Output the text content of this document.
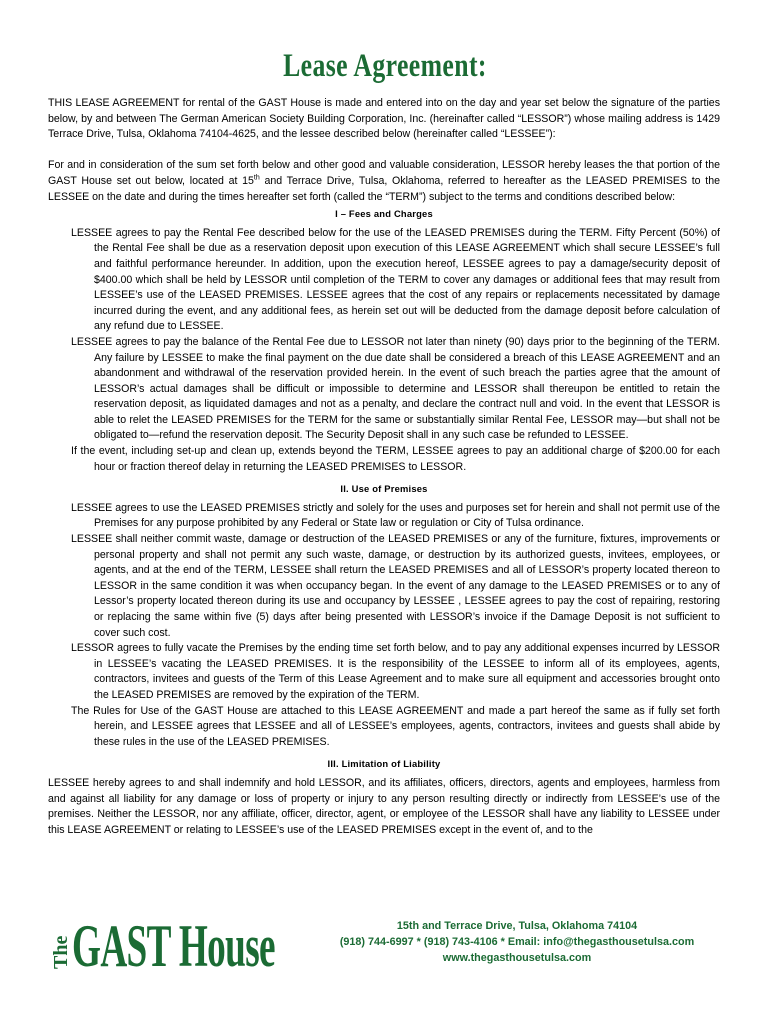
Lease Agreement:

THIS LEASE AGREEMENT for rental of the GAST House is made and entered into on the day and year set below the signature of the parties below, by and between The German American Society Building Corporation, Inc. (hereinafter called “LESSOR”) whose mailing address is 1429 Terrace Drive, Tulsa, Oklahoma 74104-4625, and the lessee described below (hereinafter called “LESSEE”):

For and in consideration of the sum set forth below and other good and valuable consideration, LESSOR hereby leases the that portion of the GAST House set out below, located at 15th and Terrace Drive, Tulsa, Oklahoma, referred to hereafter as the LEASED PREMISES to the LESSEE on the date and during the times hereafter set forth (called the “TERM”) subject to the terms and conditions described below:

I – Fees and Charges

LESSEE agrees to pay the Rental Fee described below for the use of the LEASED PREMISES during the TERM. Fifty Percent (50%) of the Rental Fee shall be due as a reservation deposit upon execution of this LEASE AGREEMENT which shall secure LESSEE’s full and faithful performance hereunder. In addition, upon the execution hereof, LESSEE agrees to pay a damage/security deposit of $400.00 which shall be held by LESSOR until completion of the TERM to cover any damages or additional fees that may result from LESSEE’s use of the LEASED PREMISES. LESSEE agrees that the cost of any repairs or replacements necessitated by damage incurred during the event, and any additional fees, as herein set out will be deducted from the damage deposit before calculation of any refund due to LESSEE.

LESSEE agrees to pay the balance of the Rental Fee due to LESSOR not later than ninety (90) days prior to the beginning of the TERM. Any failure by LESSEE to make the final payment on the due date shall be considered a breach of this LEASE AGREEMENT and an abandonment and withdrawal of the reservation provided herein. In the event of such breach the parties agree that the amount of LESSOR’s actual damages shall be difficult or impossible to determine and LESSOR shall thereupon be entitled to retain the reservation deposit, as liquidated damages and not as a penalty, and declare the contract null and void. In the event that LESSOR is able to relet the LEASED PREMISES for the TERM for the same or substantially similar Rental Fee, LESSOR may—but shall not be obligated to—refund the reservation deposit. The Security Deposit shall in any such case be refunded to LESSEE.

If the event, including set-up and clean up, extends beyond the TERM, LESSEE agrees to pay an additional charge of $200.00 for each hour or fraction thereof delay in returning the LEASED PREMISES to LESSOR.

II. Use of Premises

LESSEE agrees to use the LEASED PREMISES strictly and solely for the uses and purposes set for herein and shall not permit use of the Premises for any purpose prohibited by any Federal or State law or regulation or City of Tulsa ordinance.

LESSEE shall neither commit waste, damage or destruction of the LEASED PREMISES or any of the furniture, fixtures, improvements or personal property and shall not permit any such waste, damage, or destruction by its authorized guests, invitees, employees, or agents, and at the end of the TERM, LESSEE shall return the LEASED PREMISES and all of LESSOR’s property located thereon to LESSOR in the same condition it was when occupancy began. In the event of any damage to the LEASED PREMISES or to any of Lessor’s property located thereon during its use and occupancy by LESSEE , LESSEE agrees to pay the cost of repairing, restoring or replacing the same within five (5) days after being presented with LESSOR’s invoice if the Damage Deposit is not sufficient to cover such cost.

LESSOR agrees to fully vacate the Premises by the ending time set forth below, and to pay any additional expenses incurred by LESSOR in LESSEE’s vacating the LEASED PREMISES. It is the responsibility of the LESSEE to inform all of its employees, agents, contractors, invitees and guests of the Term of this Lease Agreement and to make sure all equipment and accessories brought onto the LEASED PREMISES are removed by the expiration of the TERM.

The Rules for Use of the GAST House are attached to this LEASE AGREEMENT and made a part hereof the same as if fully set forth herein, and LESSEE agrees that LESSEE and all of LESSEE’s employees, agents, contractors, invitees and guests shall abide by these rules in the use of the LEASED PREMISES.

III. Limitation of Liability

LESSEE hereby agrees to and shall indemnify and hold LESSOR, and its affiliates, officers, directors, agents and employees, harmless from and against all liability for any damage or loss of property or injury to any person resulting directly or indirectly from LESSEE’s use of the premises. Neither the LESSOR, nor any affiliate, officer, director, agent, or employee of the LESSOR shall have any liability to LESSEE under this LEASE AGREEMENT or relating to LESSEE’s use of the LEASED PREMISES except in the event of, and to the

The GAST House	15th and Terrace Drive, Tulsa, Oklahoma 74104
(918) 744-6997 * (918) 743-4106 * Email: info@thegasthousetulsa.com
www.thegasthousetulsa.com
